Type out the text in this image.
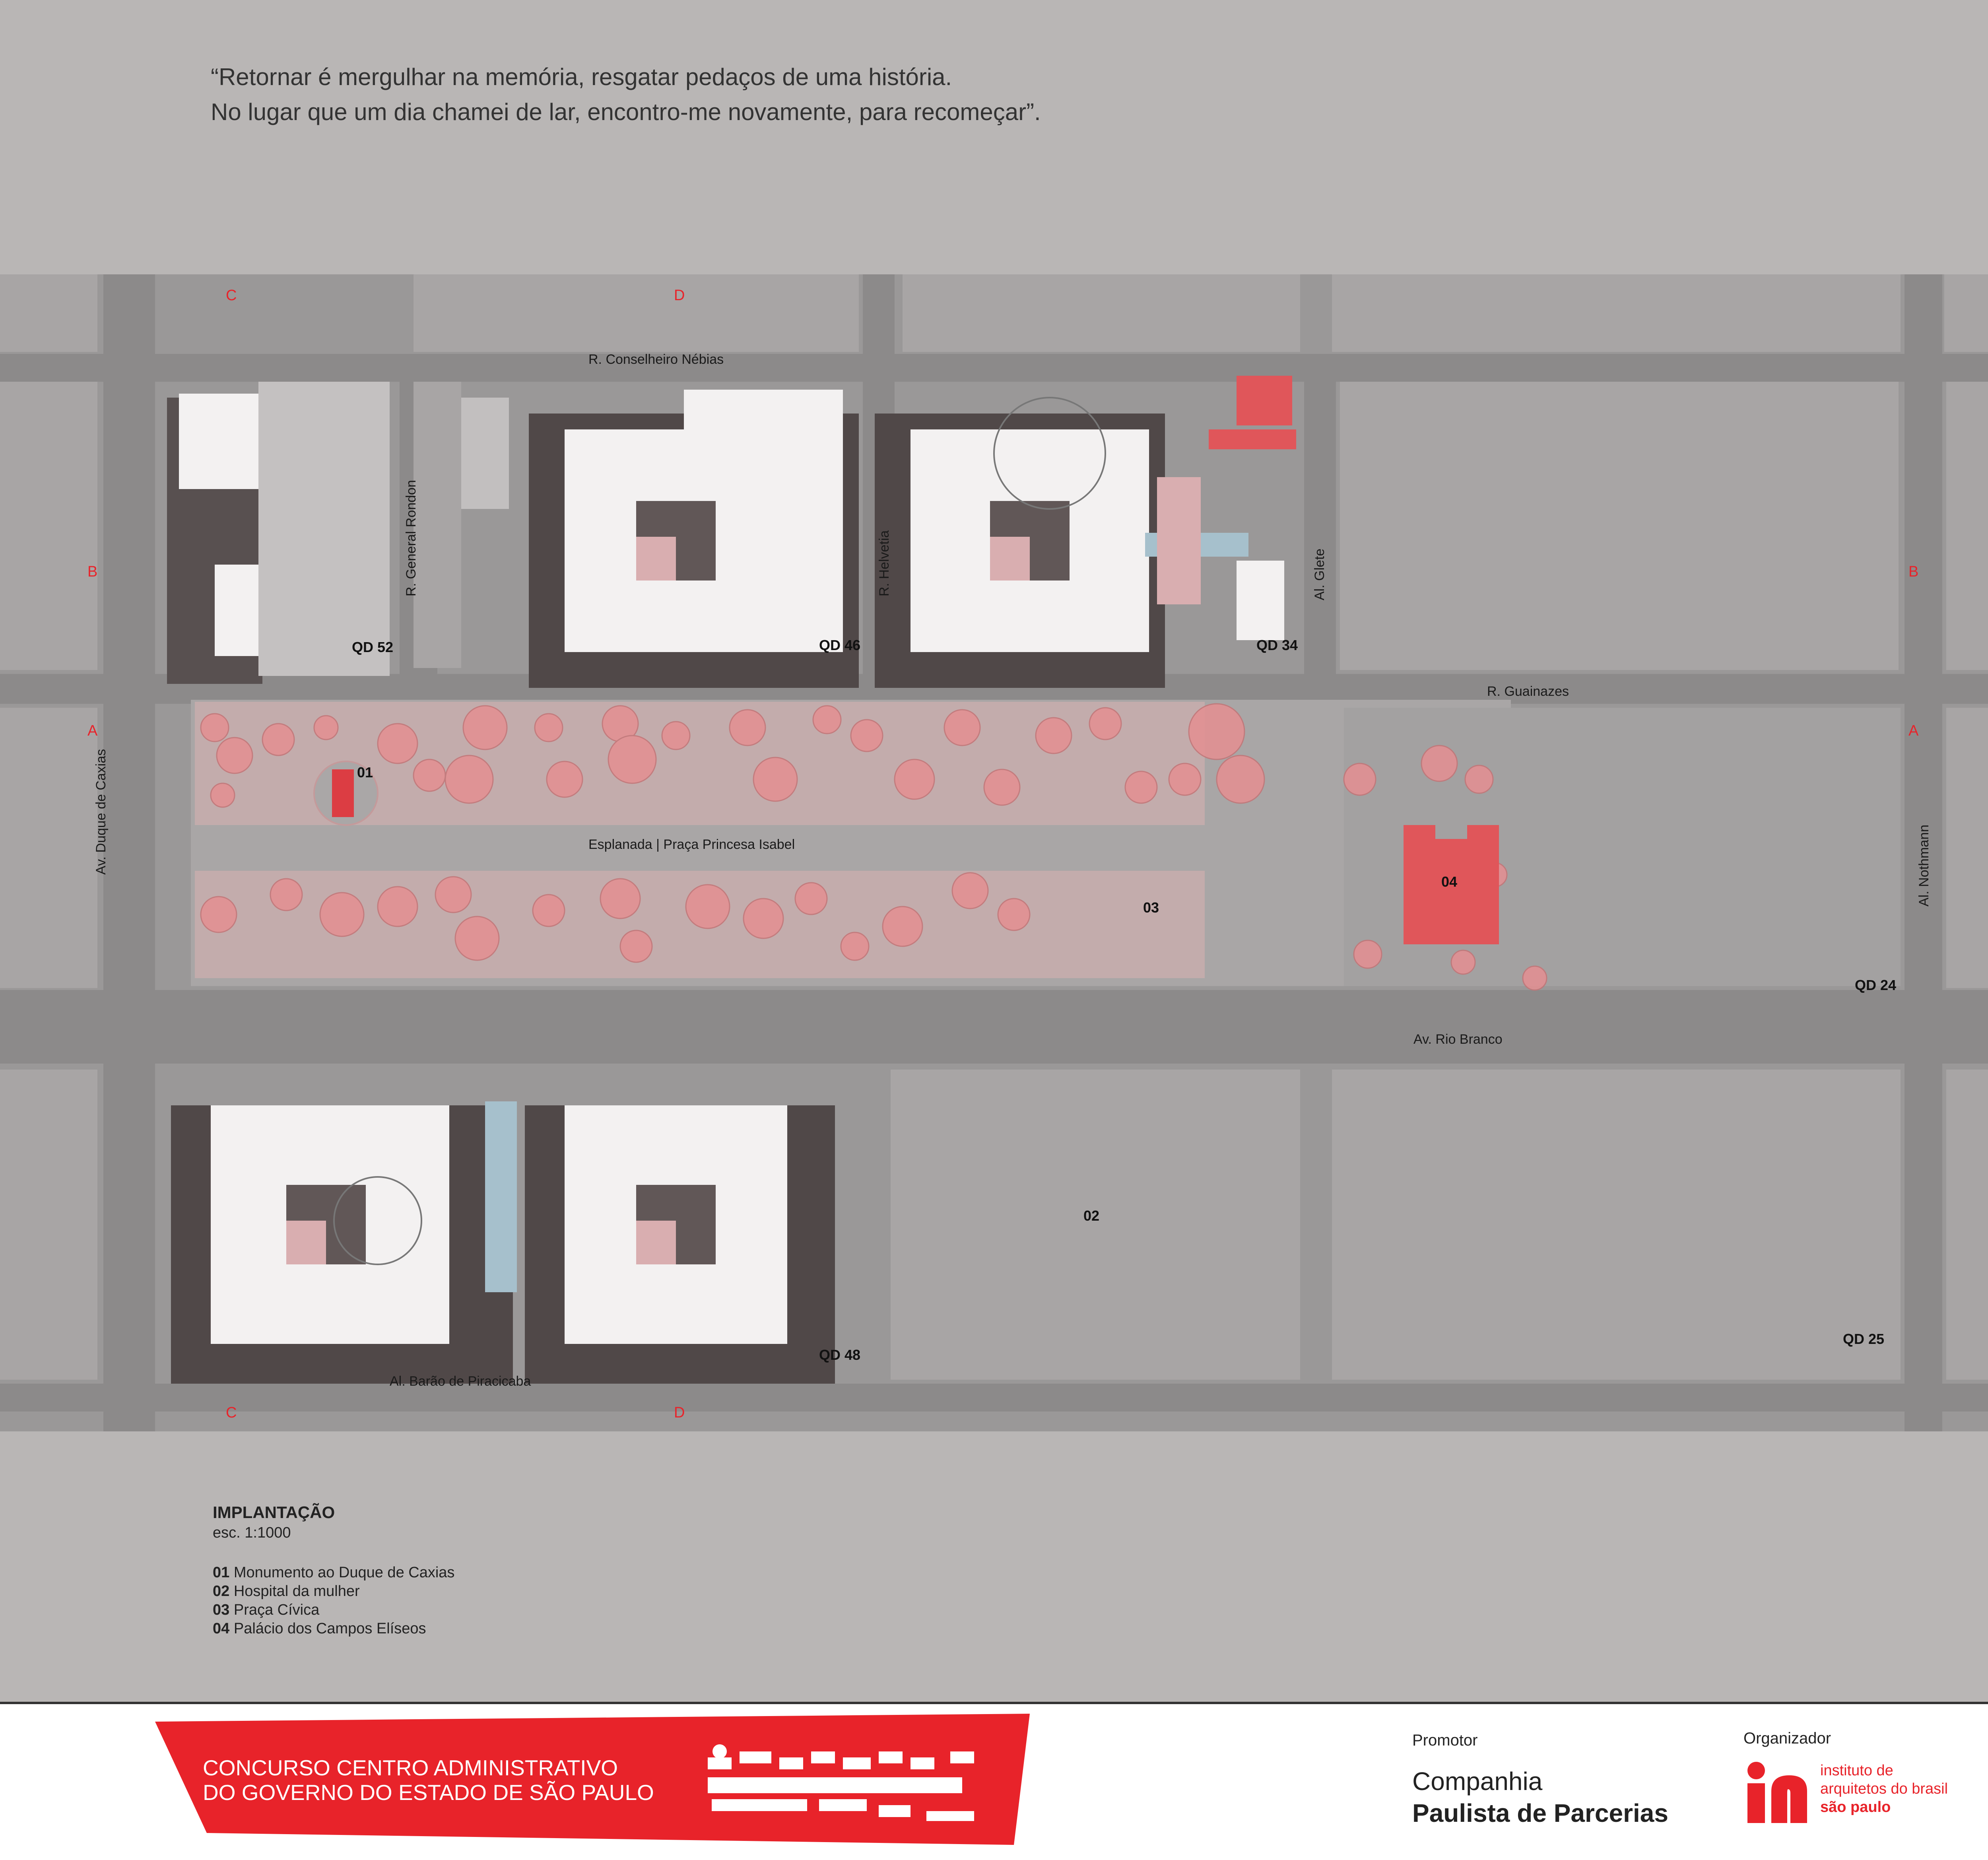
“Retornar é mergulhar na memória, resgatar pedaços de uma história.
No lugar que um dia chamei de lar, encontro-me novamente, para recomeçar”.
R. Conselheiro Nébias
R. Guainazes
Av. Rio Branco
Al. Barão de Piracicaba
Esplanada | Praça Princesa Isabel
R. General Rondon	R. Helvetia	Al. Glete
Av. Duque de Caxias	Al. Nothmann
QD 52	QD 46	QD 34
QD 24
QD 48
QD 25
01
02
03
04
C	D
C	D
B	B
A	A
IMPLANTAÇÃO
esc. 1:1000
01 Monumento ao Duque de Caxias
02 Hospital da mulher
03 Praça Cívica
04 Palácio dos Campos Elíseos
CONCURSO CENTRO ADMINISTRATIVO
DO GOVERNO DO ESTADO DE SÃO PAULO
Promotor
Companhia
Paulista de Parcerias
Organizador
instituto de
arquitetos do brasil
são paulo
